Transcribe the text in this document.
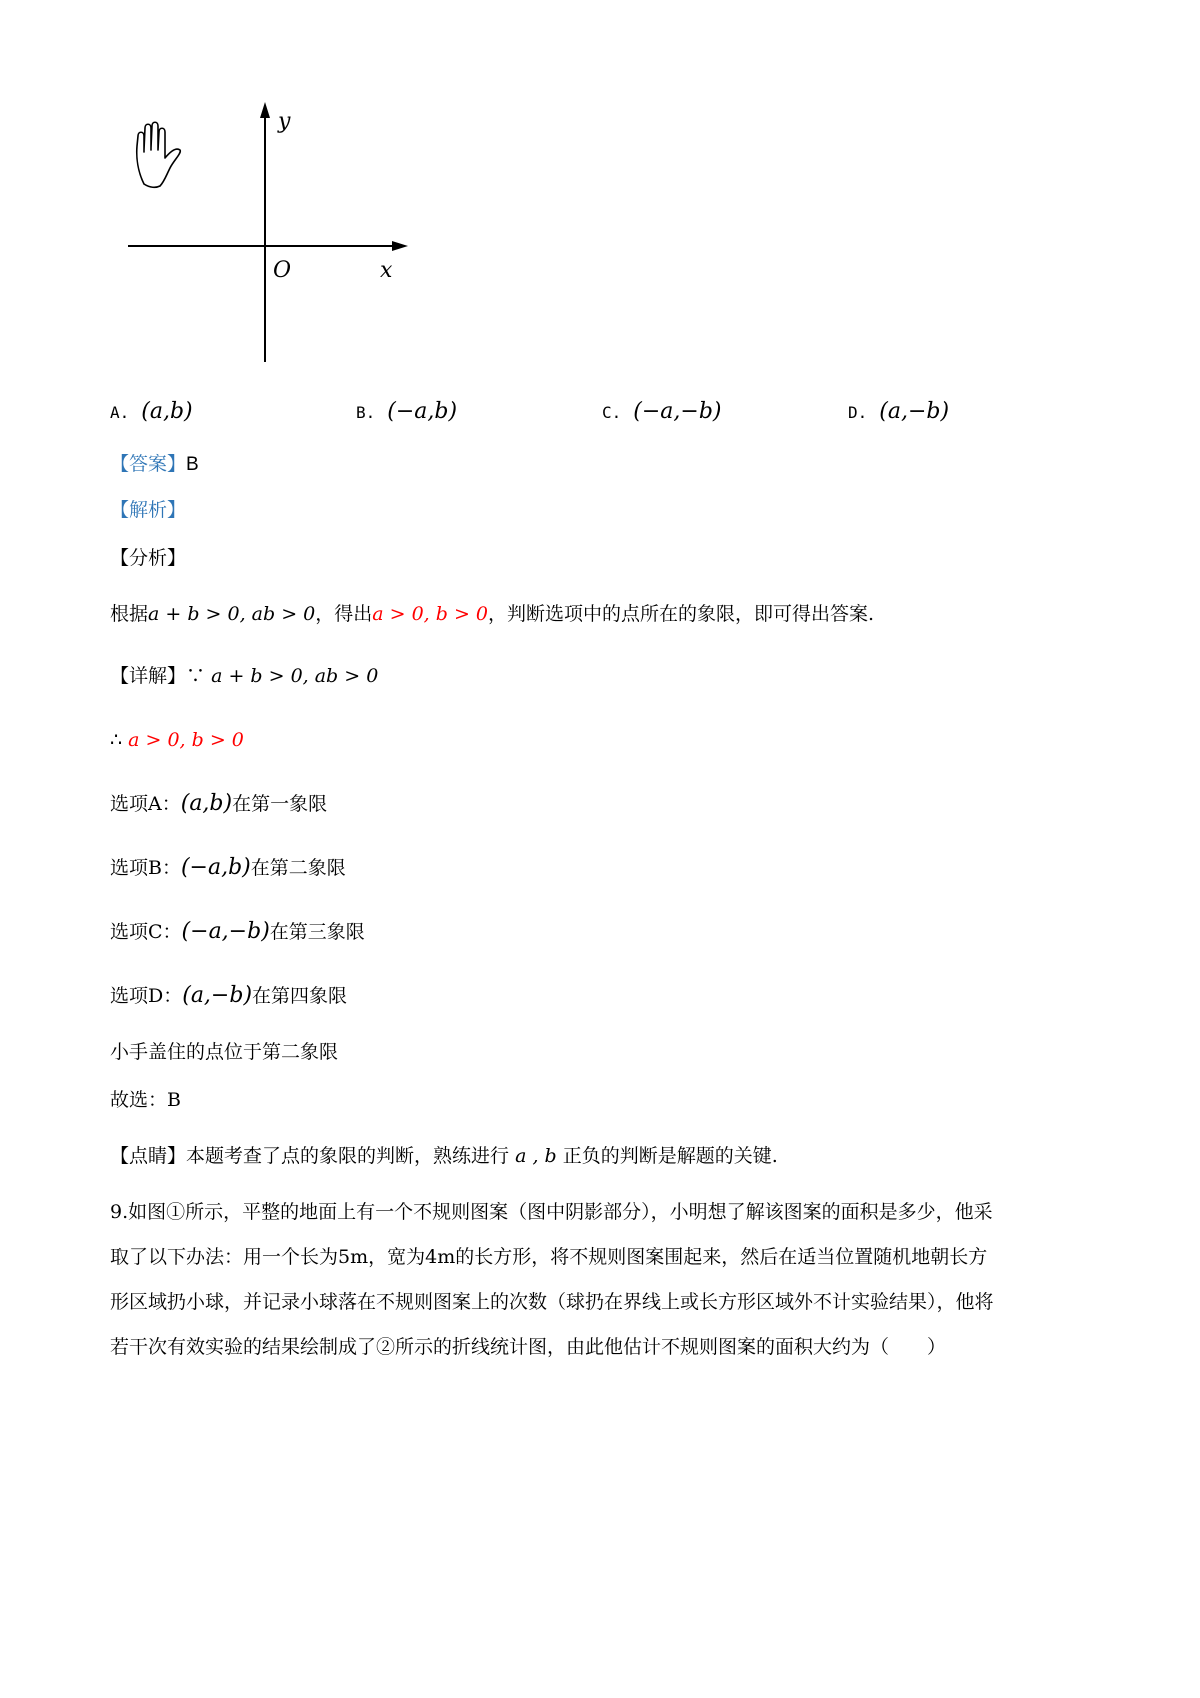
y
x
O
A. (a,b)	B. (−a,b)	C. (−a,−b)	D. (a,−b)
【答案】B
【解析】
【分析】
根据a + b > 0, ab > 0，得出a > 0, b > 0，判断选项中的点所在的象限，即可得出答案.
【详解】∵ a + b > 0, ab > 0
∴ a > 0, b > 0
选项A：(a,b)在第一象限
选项B：(−a,b)在第二象限
选项C：(−a,−b)在第三象限
选项D：(a,−b)在第四象限
小手盖住的点位于第二象限
故选：B
【点睛】本题考查了点的象限的判断，熟练进行 a , b 正负的判断是解题的关键.
9.如图①所示，平整的地面上有一个不规则图案（图中阴影部分），小明想了解该图案的面积是多少，他采
取了以下办法：用一个长为5m，宽为4m的长方形，将不规则图案围起来，然后在适当位置随机地朝长方
形区域扔小球，并记录小球落在不规则图案上的次数（球扔在界线上或长方形区域外不计实验结果），他将
若干次有效实验的结果绘制成了②所示的折线统计图，由此他估计不规则图案的面积大约为（　　）
